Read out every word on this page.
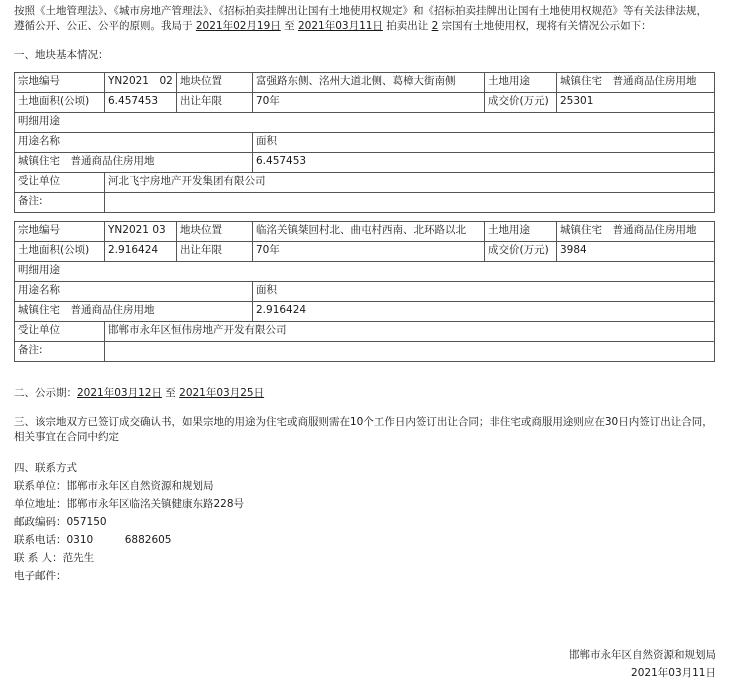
按照《土地管理法》、《城市房地产管理法》、《招标拍卖挂牌出让国有土地使用权规定》和《招标拍卖挂牌出让国有土地使用权规范》等有关法律法规，遵循公开、公正、公平的原则。我局于 2021年02月19日 至 2021年03月11日 拍卖出让 2 宗国有土地使用权，现将有关情况公示如下：

一、地块基本情况：

宗地编号	YN2021　02	地块位置	富强路东侧、洺州大道北侧、葛樟大街南侧	土地用途	城镇住宅　普通商品住房用地
土地面积(公顷)	6.457453	出让年限	70年	成交价(万元)	25301
明细用途					
用途名称			面积		
城镇住宅　普通商品住房用地			6.457453		
受让单位	河北飞宇房地产开发集团有限公司				
备注:					
宗地编号	YN2021 03	地块位置	临洺关镇桀回村北、曲屯村西南、北环路以北	土地用途	城镇住宅　普通商品住房用地
土地面积(公顷)	2.916424	出让年限	70年	成交价(万元)	3984
明细用途					
用途名称			面积		
城镇住宅　普通商品住房用地			2.916424		
受让单位	邯郸市永年区恒伟房地产开发有限公司				
备注:					

二、公示期：2021年03月12日 至 2021年03月25日

三、该宗地双方已签订成交确认书，如果宗地的用途为住宅或商服则需在10个工作日内签订出让合同；非住宅或商服用途则应在30日内签订出让合同，相关事宜在合同中约定

四、联系方式

联系单位：邯郸市永年区自然资源和规划局

单位地址：邯郸市永年区临洺关镇健康东路228号

邮政编码：057150

联系电话：0310　　　6882605

联 系 人：范先生

电子邮件：

邯郸市永年区自然资源和规划局

2021年03月11日
